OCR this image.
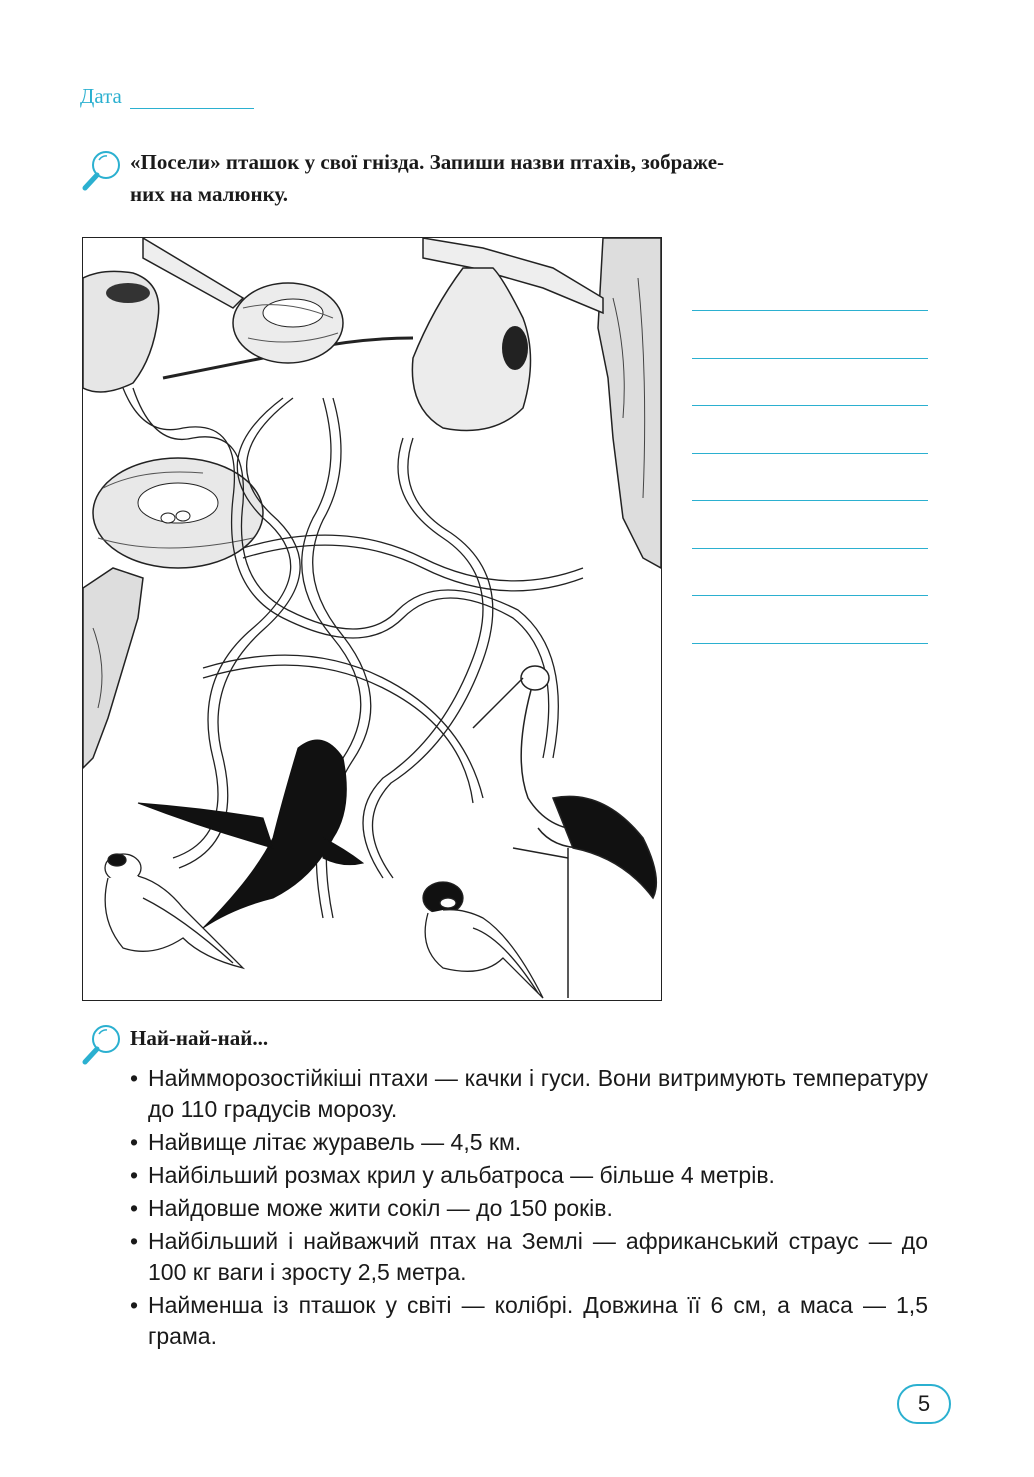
Дата
«Посели» пташок у свої гнізда. Запиши назви птахів, зображе-
них на малюнку.
Най-най-най...
• Наймморозостійкіші птахи — качки і гуси. Вони витримують температуру до 110 градусів морозу.
• Найвище літає журавель — 4,5 км.
• Найбільший розмах крил у альбатроса — більше 4 метрів.
• Найдовше може жити сокіл — до 150 років.
• Найбільший і найважчий птах на Землі — африканський страус — до 100 кг ваги і зросту 2,5 метра.
• Найменша із пташок у світі — колібрі. Довжина її 6 см, а маса — 1,5 грама.
5
